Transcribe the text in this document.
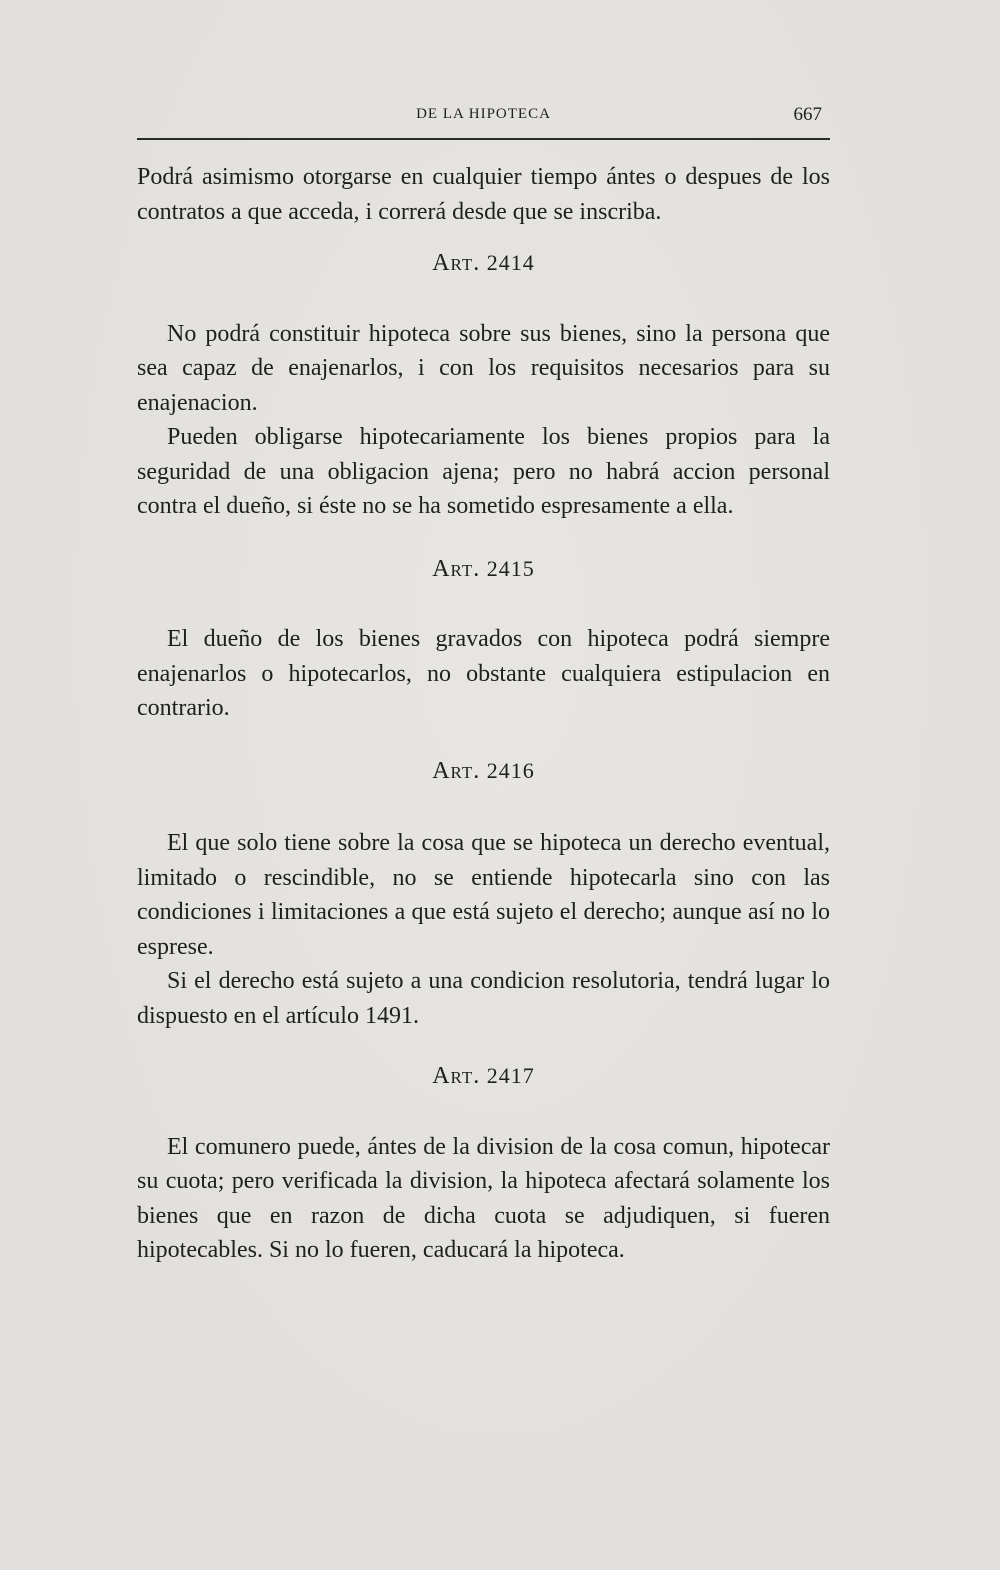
DE LA HIPOTECA	667

Podrá asimismo otorgarse en cualquier tiempo ántes o despues de los contratos a que acceda, i correrá desde que se inscriba.

Art. 2414

No podrá constituir hipoteca sobre sus bienes, sino la persona que sea capaz de enajenarlos, i con los requisitos necesarios para su enajenacion.

Pueden obligarse hipotecariamente los bienes propios para la seguridad de una obligacion ajena; pero no habrá accion personal contra el dueño, si éste no se ha sometido espresamente a ella.

Art. 2415

El dueño de los bienes gravados con hipoteca podrá siempre enajenarlos o hipotecarlos, no obstante cualquiera estipulacion en contrario.

Art. 2416

El que solo tiene sobre la cosa que se hipoteca un derecho eventual, limitado o rescindible, no se entiende hipotecarla sino con las condiciones i limitaciones a que está sujeto el derecho; aunque así no lo esprese.

Si el derecho está sujeto a una condicion resolutoria, tendrá lugar lo dispuesto en el artículo 1491.

Art. 2417

El comunero puede, ántes de la division de la cosa comun, hipotecar su cuota; pero verificada la division, la hipoteca afectará solamente los bienes que en razon de dicha cuota se adjudiquen, si fueren hipotecables. Si no lo fueren, caducará la hipoteca.
